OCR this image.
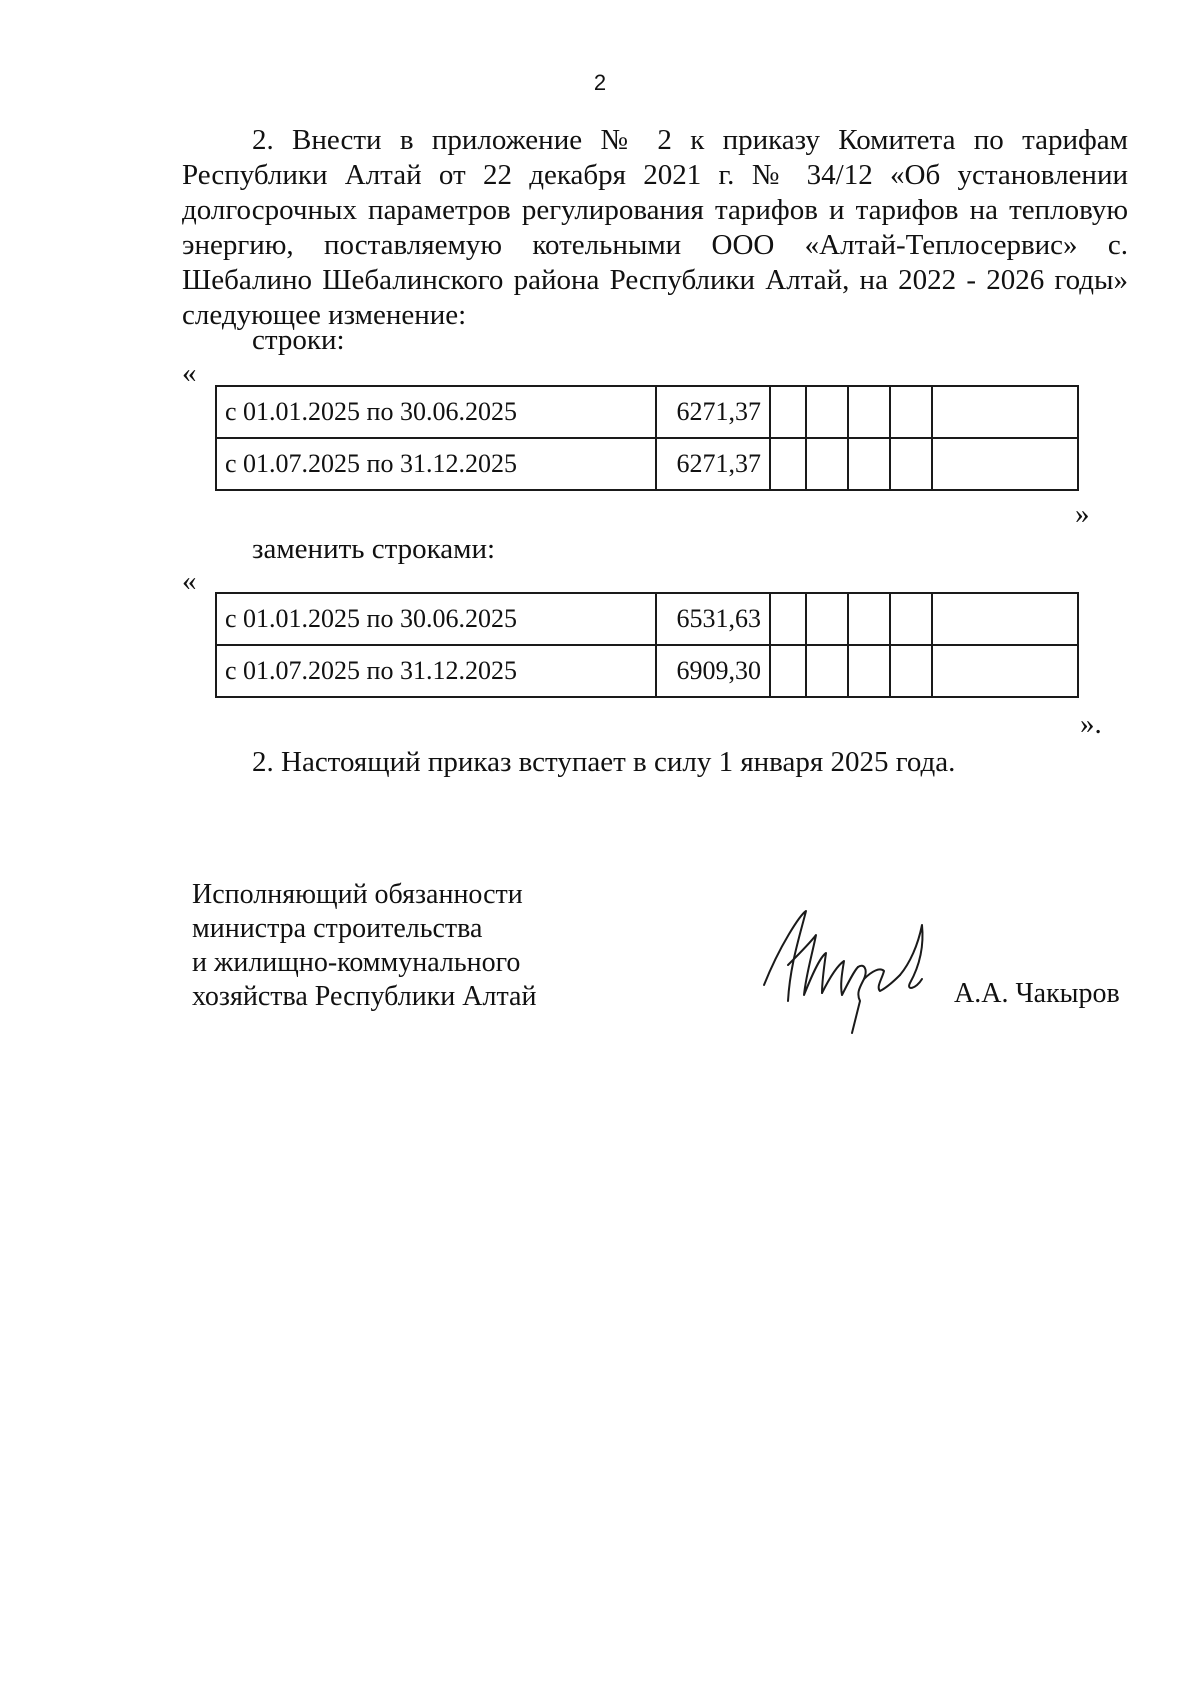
2

2. Внести в приложение № 2 к приказу Комитета по тарифам Республики Алтай от 22 декабря 2021 г. № 34/12 «Об установлении долгосрочных параметров регулирования тарифов и тарифов на тепловую энергию, поставляемую котельными ООО «Алтай-Теплосервис» с. Шебалино Шебалинского района Республики Алтай, на 2022 - 2026 годы» следующее изменение:

строки:
«
с 01.01.2025 по 30.06.2025	6271,37					
с 01.07.2025 по 31.12.2025	6271,37					
»
заменить строками:
«
с 01.01.2025 по 30.06.2025	6531,63					
с 01.07.2025 по 31.12.2025	6909,30					
».
2. Настоящий приказ вступает в силу 1 января 2025 года.
Исполняющий обязанности
министра строительства
и жилищно-коммунального
хозяйства Республики Алтай	А.А. Чакыров
